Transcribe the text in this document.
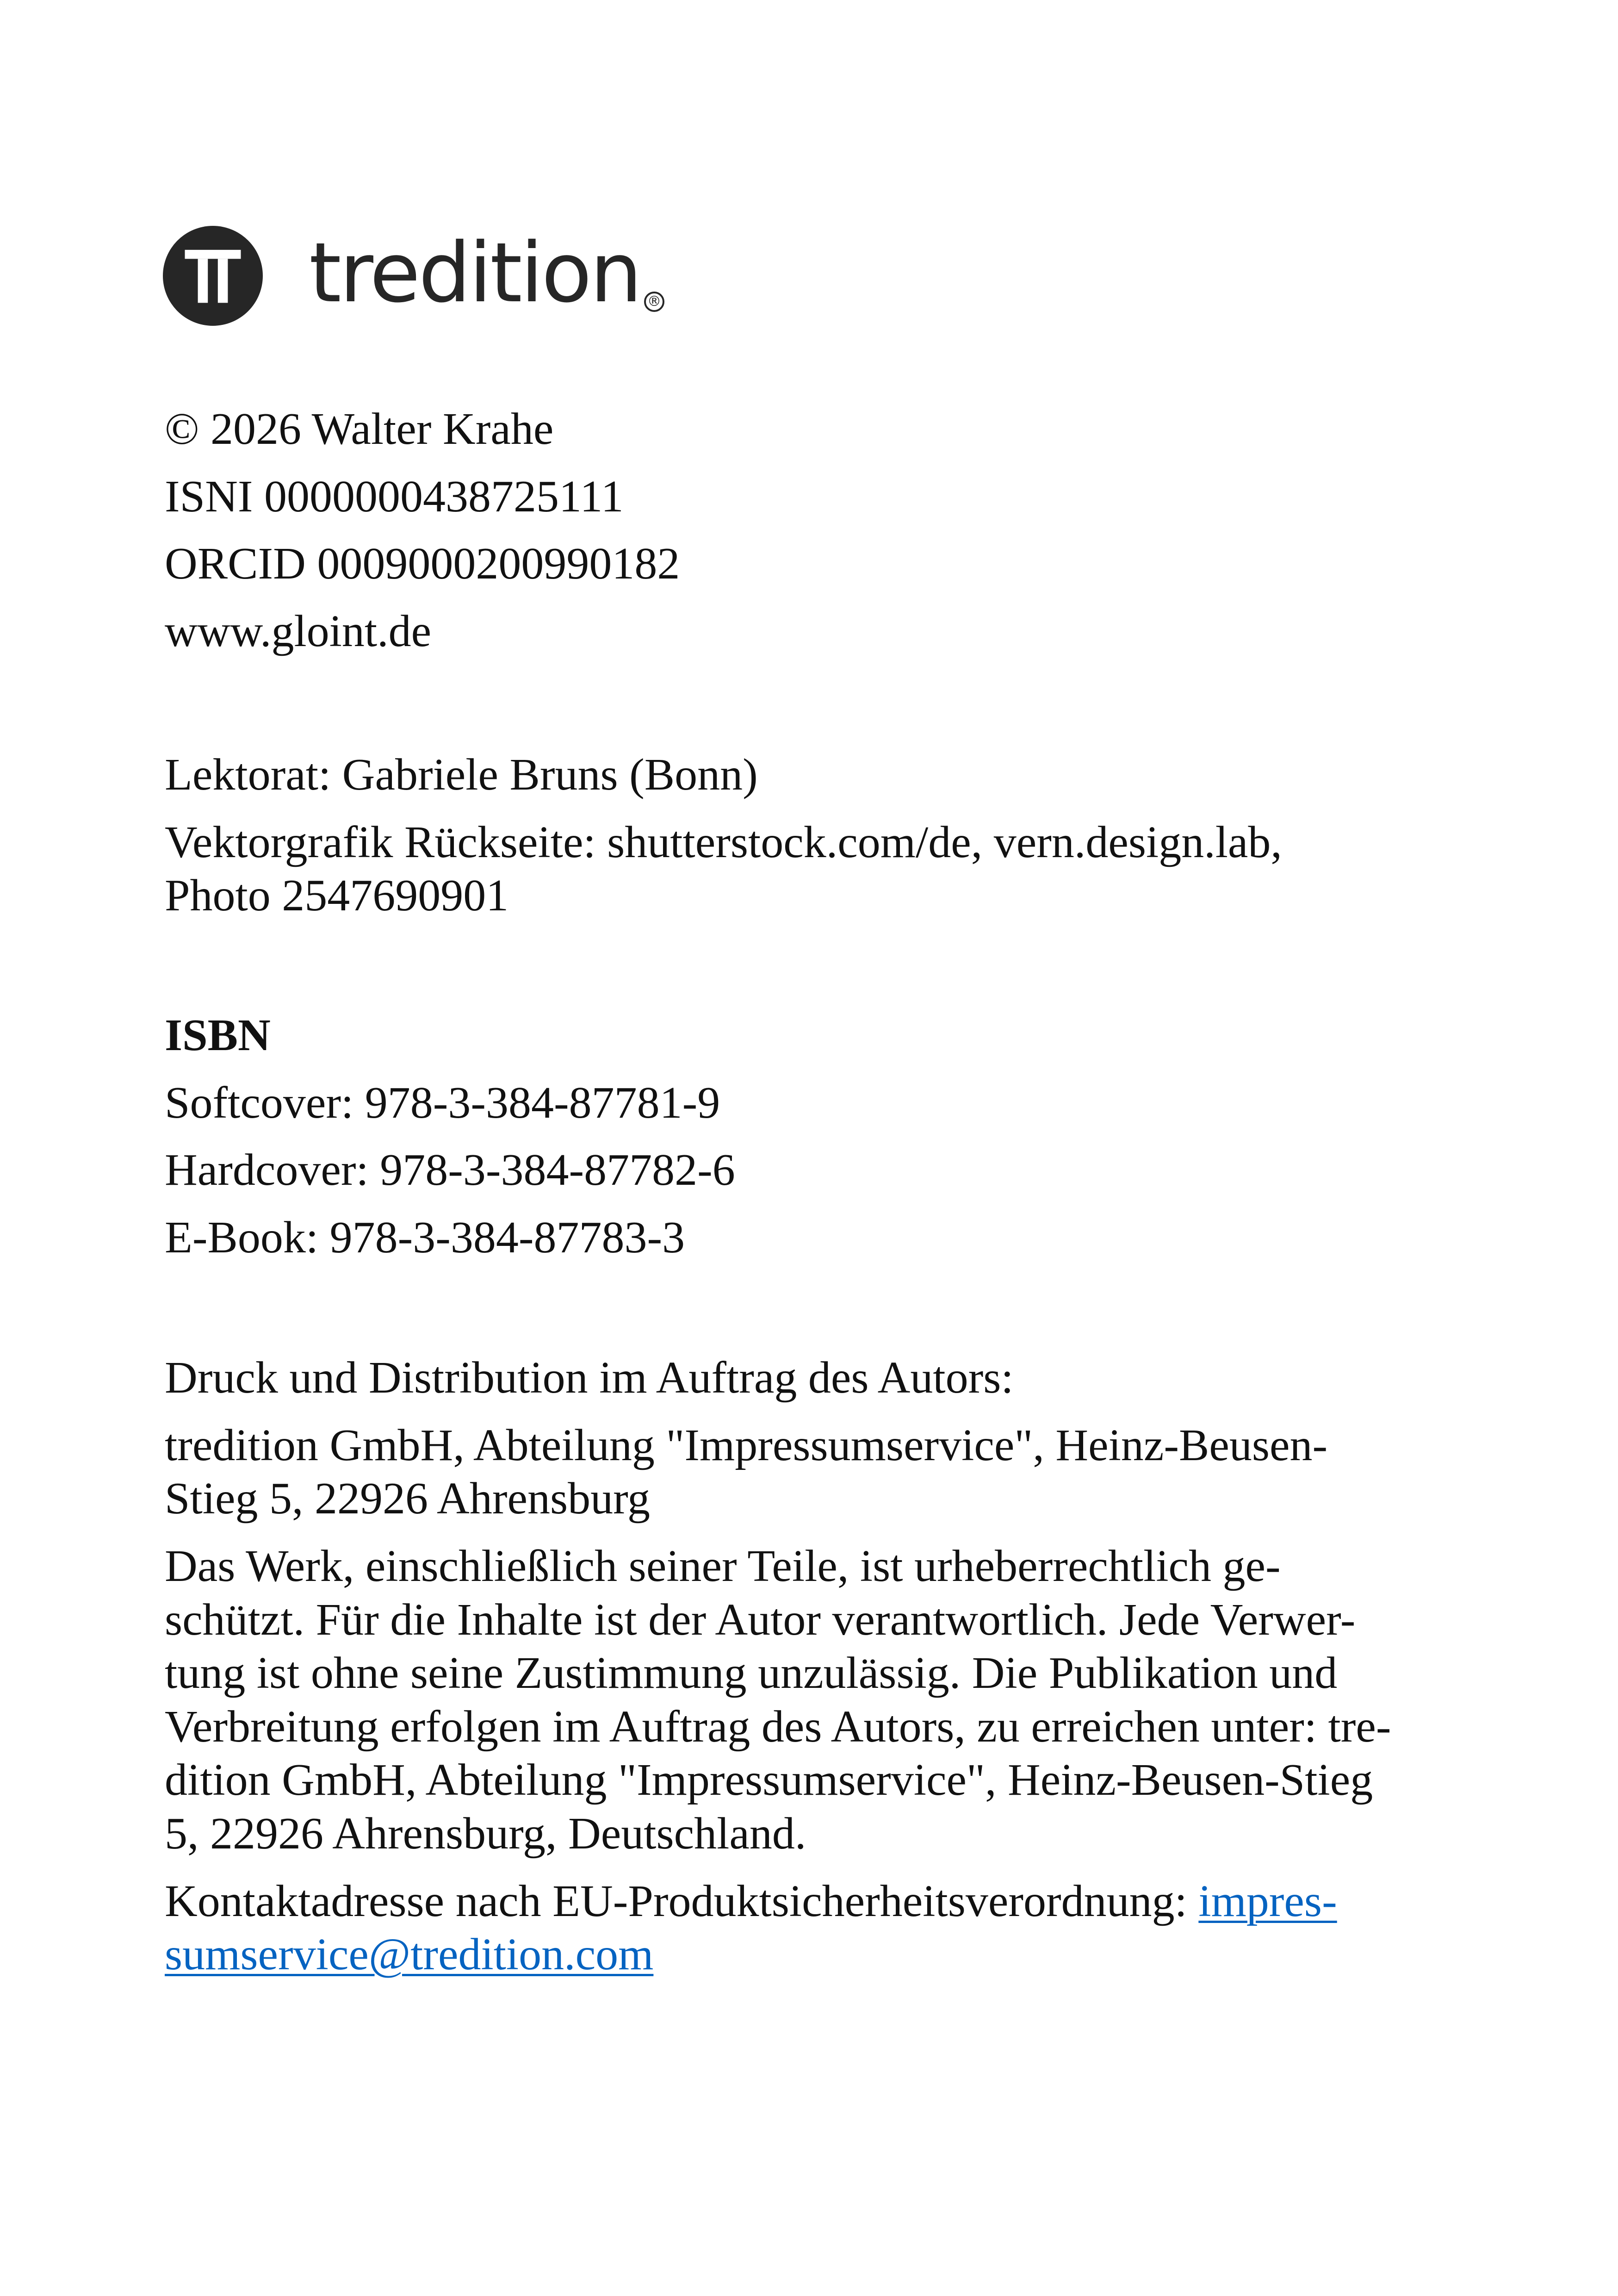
tredition ®
© 2026 Walter Krahe
ISNI 0000000438725111
ORCID 0009000200990182
www.gloint.de
Lektorat: Gabriele Bruns (Bonn)
Vektorgrafik Rückseite: shutterstock.com/de, vern.design.lab,
Photo 2547690901
ISBN
Softcover: 978-3-384-87781-9
Hardcover: 978-3-384-87782-6
E-Book: 978-3-384-87783-3
Druck und Distribution im Auftrag des Autors:
tredition GmbH, Abteilung "Impressumservice", Heinz-Beusen-
Stieg 5, 22926 Ahrensburg
Das Werk, einschließlich seiner Teile, ist urheberrechtlich ge-
schützt. Für die Inhalte ist der Autor verantwortlich. Jede Verwer-
tung ist ohne seine Zustimmung unzulässig. Die Publikation und
Verbreitung erfolgen im Auftrag des Autors, zu erreichen unter: tre-
dition GmbH, Abteilung "Impressumservice", Heinz-Beusen-Stieg
5, 22926 Ahrensburg, Deutschland.
Kontaktadresse nach EU-Produktsicherheitsverordnung: impres-
sumservice@tredition.com
